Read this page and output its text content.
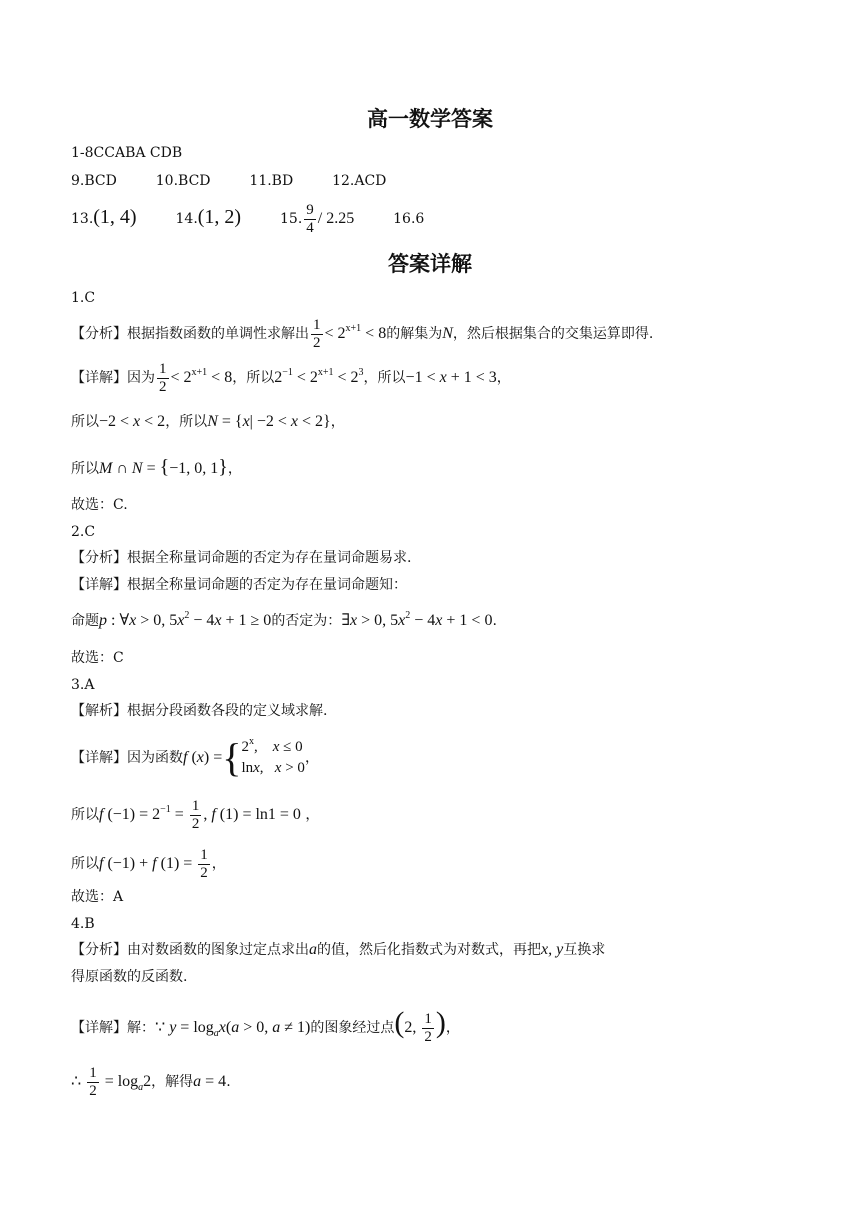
高一数学答案
1-8CCABA CDB
9.BCD	10.BCD	11.BD	12.ACD
13.(1, 4)	14.(1, 2)	15. $\frac{9}{4} / 2.25$	16.6
答案详解
1.C
【分析】根据指数函数的单调性求解出 $\frac{1}{2} < 2^{x+1} < 8$的解集为N，然后根据集合的交集运算即得.
【详解】因为 $\frac{1}{2} < 2^{x+1} < 8$，所以$2^{-1} < 2^{x+1} < 2^3$，所以−1 < x + 1 < 3，
所以−2 < x < 2，所以N = {x| −2 < x < 2}，
所以M ∩ N = {−1, 0, 1}，
故选：C.
2.C
【分析】根据全称量词命题的否定为存在量词命题易求.
【详解】根据全称量词命题的否定为存在量词命题知：
命题p : ∀x > 0, $5x^2 - 4x + 1 \ge 0$的否定为：∃x > 0, $5x^2 - 4x + 1 < 0$.
故选：C
3.A
【解析】根据分段函数各段的定义域求解.
【详解】因为函数f (x) ={ 2$^x$,    x ≤ 0
lnx,   x > 0
，
所以f $(-1) = 2^{-1} = \frac{1}{2}$ , f (1) = ln1 = 0 ，
所以f (−1) + f $(1) = \frac{1}{2}$ ，
故选：A
4.B
【分析】由对数函数的图象过定点求出a的值，然后化指数式为对数式，再把x, y互换求
得原函数的反函数.
【详解】解：∵ $y = \log_ax(a > 0$, a ≠ 1)的图象经过点(2, $\frac{1}{2}$ )，
∴ $\frac{1}{2} = \log_a2$，解得a = 4.
